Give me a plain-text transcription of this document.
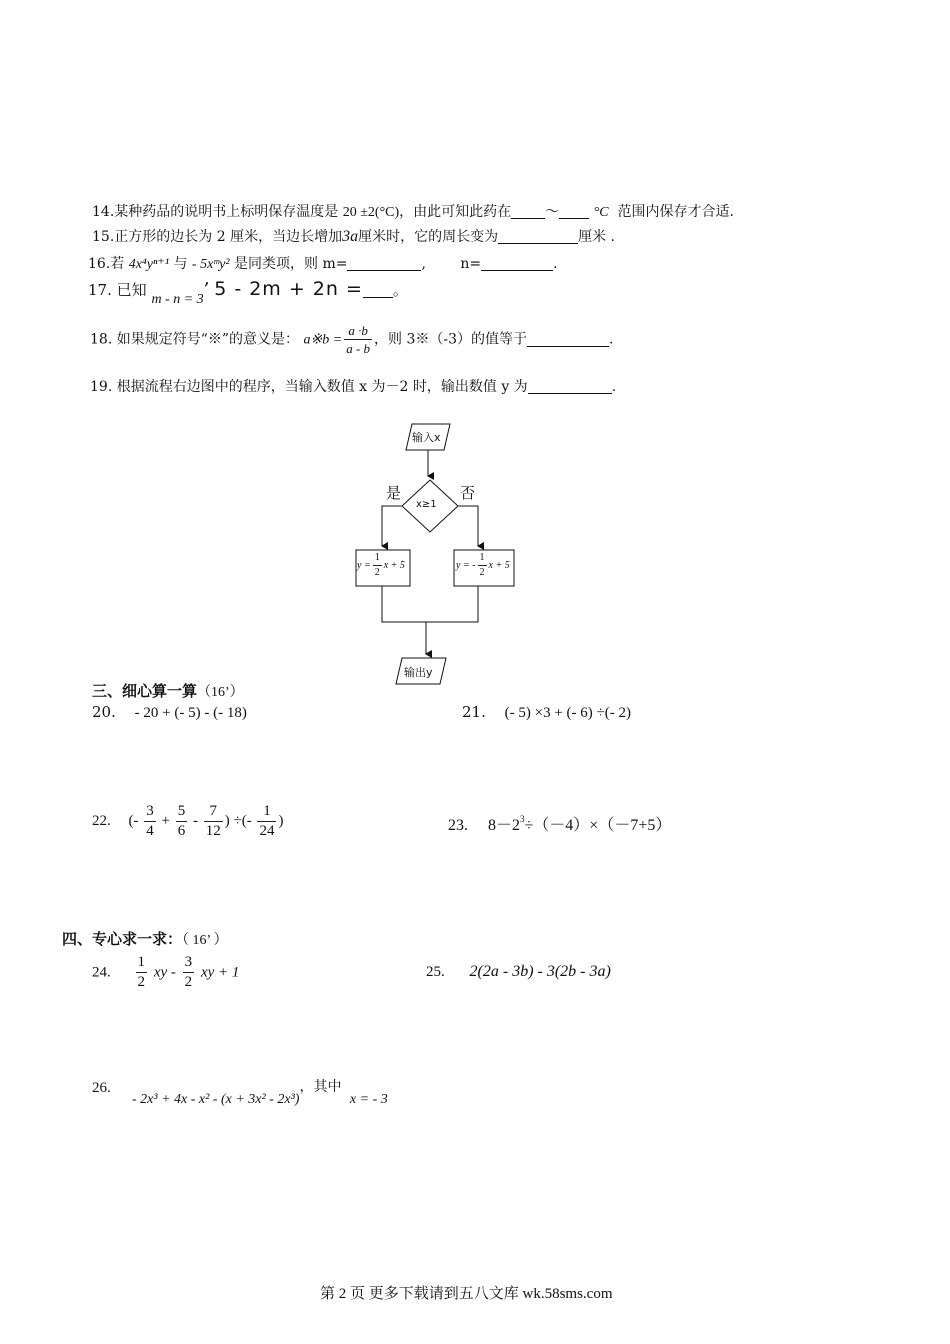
14.某种药品的说明书上标明保存温度是 20 ±2(°C)，由此可知此药在 ～ °C 范围内保存才合适.
15.正方形的边长为 2 厘米，当边长增加3a厘米时，它的周长变为	厘米 .
16.若 4x⁴yⁿ⁺¹ 与 - 5xᵐy² 是同类项，则 m=	, n=	.
17. 已知 m - n = 3’ 5 - 2m + 2n = 。
18. 如果规定符号“※”的意义是： a※b = $\frac{a \cdot b}{a - b}$ ，则 3※（-3）的值等于	.
19. 根据流程右边图中的程序，当输入数值 x 为－2 时，输出数值 y 为	.
输入x
x≥1
是	否
$y = \frac{1}{2}$ x + 5	y = - $\frac{1}{2}$ x + 5
输出y
三、细心算一算（16’）
20. - 20 + (- 5) - (- 18)	21. (- 5) ×3 + (- 6) ÷(- 2)
22. (- $\frac{3}{4} + \frac{5}{6} - \frac{7}{12}$ ) ÷(- $\frac{1}{24}$ )	23. $8-2^3\div(-4)\times(-7+5)$
四、专心求一求：（ 16’ ）
24. $\frac{1}{2}$ xy - $\frac{3}{2}$ xy + 1	25. 2(2a - 3b) - 3(2b - 3a)
26.
- 2x³ + 4x - x² - (x + 3x² - 2x³)，其中 x = - 3
第 2 页 更多下载请到五八文库 wk.58sms.com
